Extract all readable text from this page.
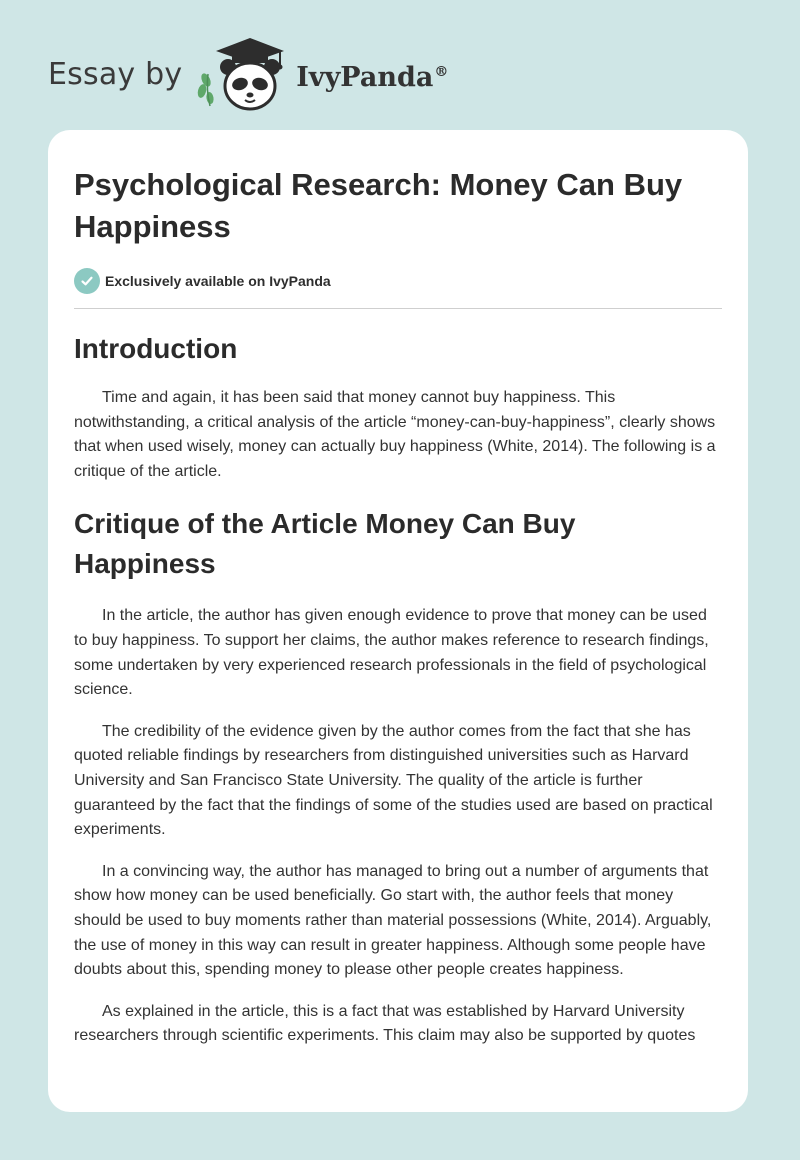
Essay by	IvyPanda®
Psychological Research: Money Can Buy Happiness
Exclusively available on IvyPanda
Introduction

Time and again, it has been said that money cannot buy happiness. This notwithstanding, a critical analysis of the article “money-can-buy-happiness”, clearly shows that when used wisely, money can actually buy happiness (White, 2014). The following is a critique of the article.

Critique of the Article Money Can Buy Happiness

In the article, the author has given enough evidence to prove that money can be used to buy happiness. To support her claims, the author makes reference to research findings, some undertaken by very experienced research professionals in the field of psychological science.

The credibility of the evidence given by the author comes from the fact that she has quoted reliable findings by researchers from distinguished universities such as Harvard University and San Francisco State University. The quality of the article is further guaranteed by the fact that the findings of some of the studies used are based on practical experiments.

In a convincing way, the author has managed to bring out a number of arguments that show how money can be used beneficially. Go start with, the author feels that money should be used to buy moments rather than material possessions (White, 2014). Arguably, the use of money in this way can result in greater happiness. Although some people have doubts about this, spending money to please other people creates happiness.

As explained in the article, this is a fact that was established by Harvard University researchers through scientific experiments. This claim may also be supported by quotes
